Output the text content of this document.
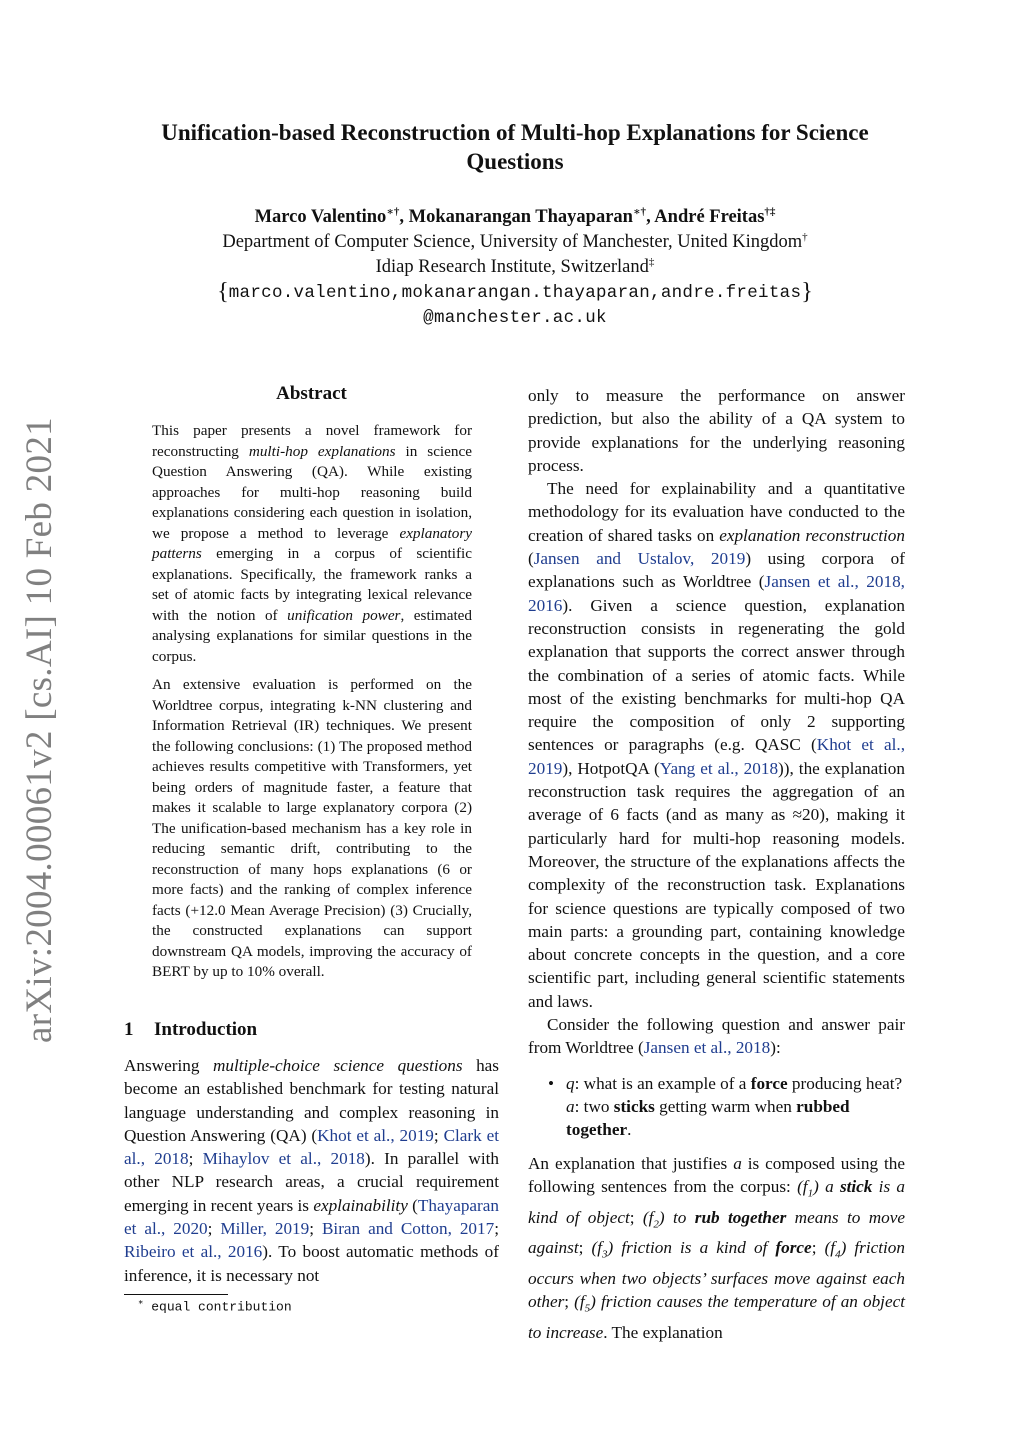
arXiv:2004.00061v2 [cs.AI] 10 Feb 2021
Unification-based Reconstruction of Multi-hop Explanations for Science
Questions
Marco Valentino∗†, Mokanarangan Thayaparan∗†, André Freitas†‡
Department of Computer Science, University of Manchester, United Kingdom†
Idiap Research Institute, Switzerland‡
{marco.valentino,mokanarangan.thayaparan,andre.freitas}
@manchester.ac.uk
Abstract
This paper presents a novel framework for reconstructing multi-hop explanations in science Question Answering (QA). While existing approaches for multi-hop reasoning build explanations considering each question in isolation, we propose a method to leverage explanatory patterns emerging in a corpus of scientific explanations. Specifically, the framework ranks a set of atomic facts by integrating lexical relevance with the notion of unification power, estimated analysing explanations for similar questions in the corpus.
An extensive evaluation is performed on the Worldtree corpus, integrating k-NN clustering and Information Retrieval (IR) techniques. We present the following conclusions: (1) The proposed method achieves results competitive with Transformers, yet being orders of magnitude faster, a feature that makes it scalable to large explanatory corpora (2) The unification-based mechanism has a key role in reducing semantic drift, contributing to the reconstruction of many hops explanations (6 or more facts) and the ranking of complex inference facts (+12.0 Mean Average Precision) (3) Crucially, the constructed explanations can support downstream QA models, improving the accuracy of BERT by up to 10% overall.
1 Introduction

Answering multiple-choice science questions has become an established benchmark for testing natural language understanding and complex reasoning in Question Answering (QA) (Khot et al., 2019; Clark et al., 2018; Mihaylov et al., 2018). In parallel with other NLP research areas, a crucial requirement emerging in recent years is explainability (Thayaparan et al., 2020; Miller, 2019; Biran and Cotton, 2017; Ribeiro et al., 2016). To boost automatic methods of inference, it is necessary not

∗ equal contribution

only to measure the performance on answer prediction, but also the ability of a QA system to provide explanations for the underlying reasoning process.

The need for explainability and a quantitative methodology for its evaluation have conducted to the creation of shared tasks on explanation reconstruction (Jansen and Ustalov, 2019) using corpora of explanations such as Worldtree (Jansen et al., 2018, 2016). Given a science question, explanation reconstruction consists in regenerating the gold explanation that supports the correct answer through the combination of a series of atomic facts. While most of the existing benchmarks for multi-hop QA require the composition of only 2 supporting sentences or paragraphs (e.g. QASC (Khot et al., 2019), HotpotQA (Yang et al., 2018)), the explanation reconstruction task requires the aggregation of an average of 6 facts (and as many as ≈20), making it particularly hard for multi-hop reasoning models. Moreover, the structure of the explanations affects the complexity of the reconstruction task. Explanations for science questions are typically composed of two main parts: a grounding part, containing knowledge about concrete concepts in the question, and a core scientific part, including general scientific statements and laws.

Consider the following question and answer pair from Worldtree (Jansen et al., 2018):

• q: what is an example of a force producing heat?
a: two sticks getting warm when rubbed together.

An explanation that justifies a is composed using the following sentences from the corpus: $(f_1)$ a stick is a kind of object; $(f_2)$ to rub together means to move against; $(f_3)$ friction is a kind of force; $(f_4)$ friction occurs when two objects’ surfaces move against each other; $(f_5)$ friction causes the temperature of an object to increase. The explanation
